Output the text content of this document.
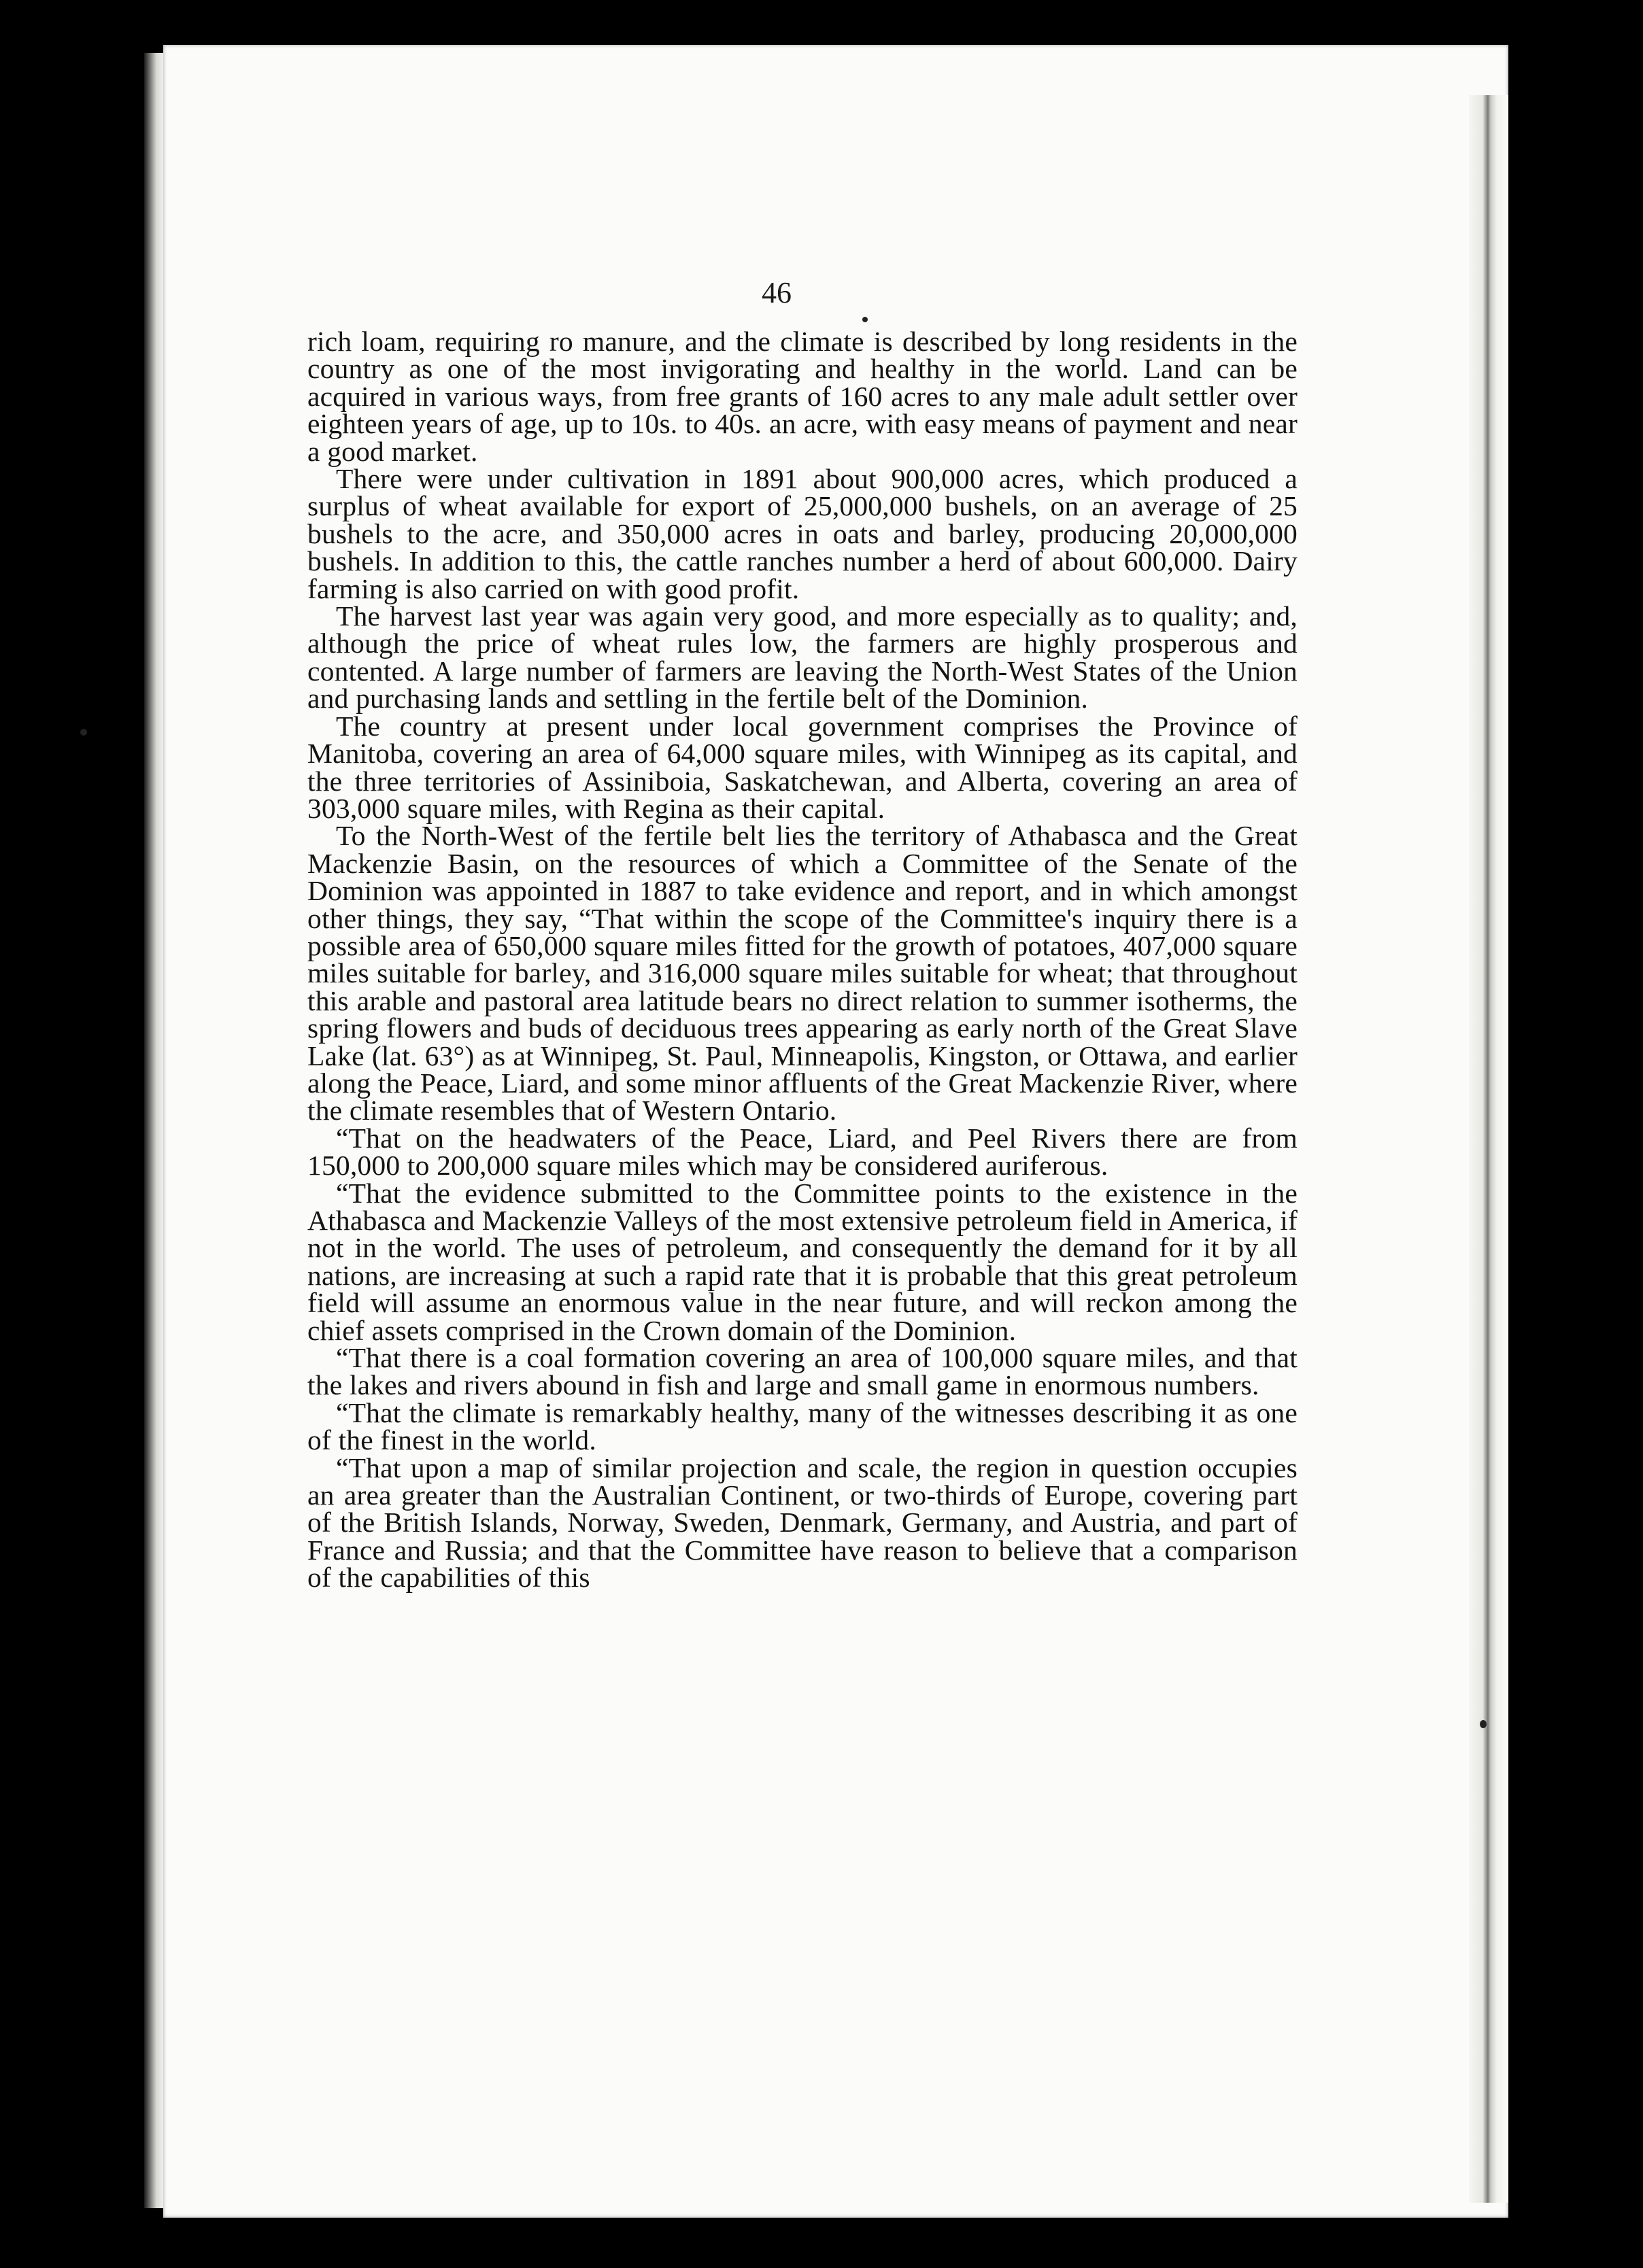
46

rich loam, requiring ro manure, and the climate is described by long residents in the country as one of the most invigorating and healthy in the world. Land can be acquired in various ways, from free grants of 160 acres to any male adult settler over eighteen years of age, up to 10s. to 40s. an acre, with easy means of payment and near a good market.

There were under cultivation in 1891 about 900,000 acres, which produced a surplus of wheat available for export of 25,000,000 bushels, on an average of 25 bushels to the acre, and 350,000 acres in oats and barley, producing 20,000,000 bushels. In addition to this, the cattle ranches number a herd of about 600,000. Dairy farming is also carried on with good profit.

The harvest last year was again very good, and more especially as to quality; and, although the price of wheat rules low, the farmers are highly prosperous and contented. A large number of farmers are leaving the North-West States of the Union and purchasing lands and settling in the fertile belt of the Dominion.

The country at present under local government comprises the Province of Manitoba, covering an area of 64,000 square miles, with Winnipeg as its capital, and the three territories of Assiniboia, Saskatchewan, and Alberta, covering an area of 303,000 square miles, with Regina as their capital.

To the North-West of the fertile belt lies the territory of Athabasca and the Great Mackenzie Basin, on the resources of which a Committee of the Senate of the Dominion was appointed in 1887 to take evidence and report, and in which amongst other things, they say, “That within the scope of the Committee's inquiry there is a possible area of 650,000 square miles fitted for the growth of potatoes, 407,000 square miles suitable for barley, and 316,000 square miles suitable for wheat; that throughout this arable and pastoral area latitude bears no direct relation to summer isotherms, the spring flowers and buds of deciduous trees appearing as early north of the Great Slave Lake (lat. 63°) as at Winnipeg, St. Paul, Minneapolis, Kingston, or Ottawa, and earlier along the Peace, Liard, and some minor affluents of the Great Mackenzie River, where the climate resembles that of Western Ontario.

“That on the headwaters of the Peace, Liard, and Peel Rivers there are from 150,000 to 200,000 square miles which may be considered auriferous.

“That the evidence submitted to the Committee points to the existence in the Athabasca and Mackenzie Valleys of the most extensive petroleum field in America, if not in the world. The uses of petroleum, and consequently the demand for it by all nations, are increasing at such a rapid rate that it is probable that this great petroleum field will assume an enormous value in the near future, and will reckon among the chief assets comprised in the Crown domain of the Dominion.

“That there is a coal formation covering an area of 100,000 square miles, and that the lakes and rivers abound in fish and large and small game in enormous numbers.

“That the climate is remarkably healthy, many of the witnesses describing it as one of the finest in the world.

“That upon a map of similar projection and scale, the region in question occupies an area greater than the Australian Continent, or two-thirds of Europe, covering part of the British Islands, Norway, Sweden, Denmark, Germany, and Austria, and part of France and Russia; and that the Committee have reason to believe that a comparison of the capabilities of this
